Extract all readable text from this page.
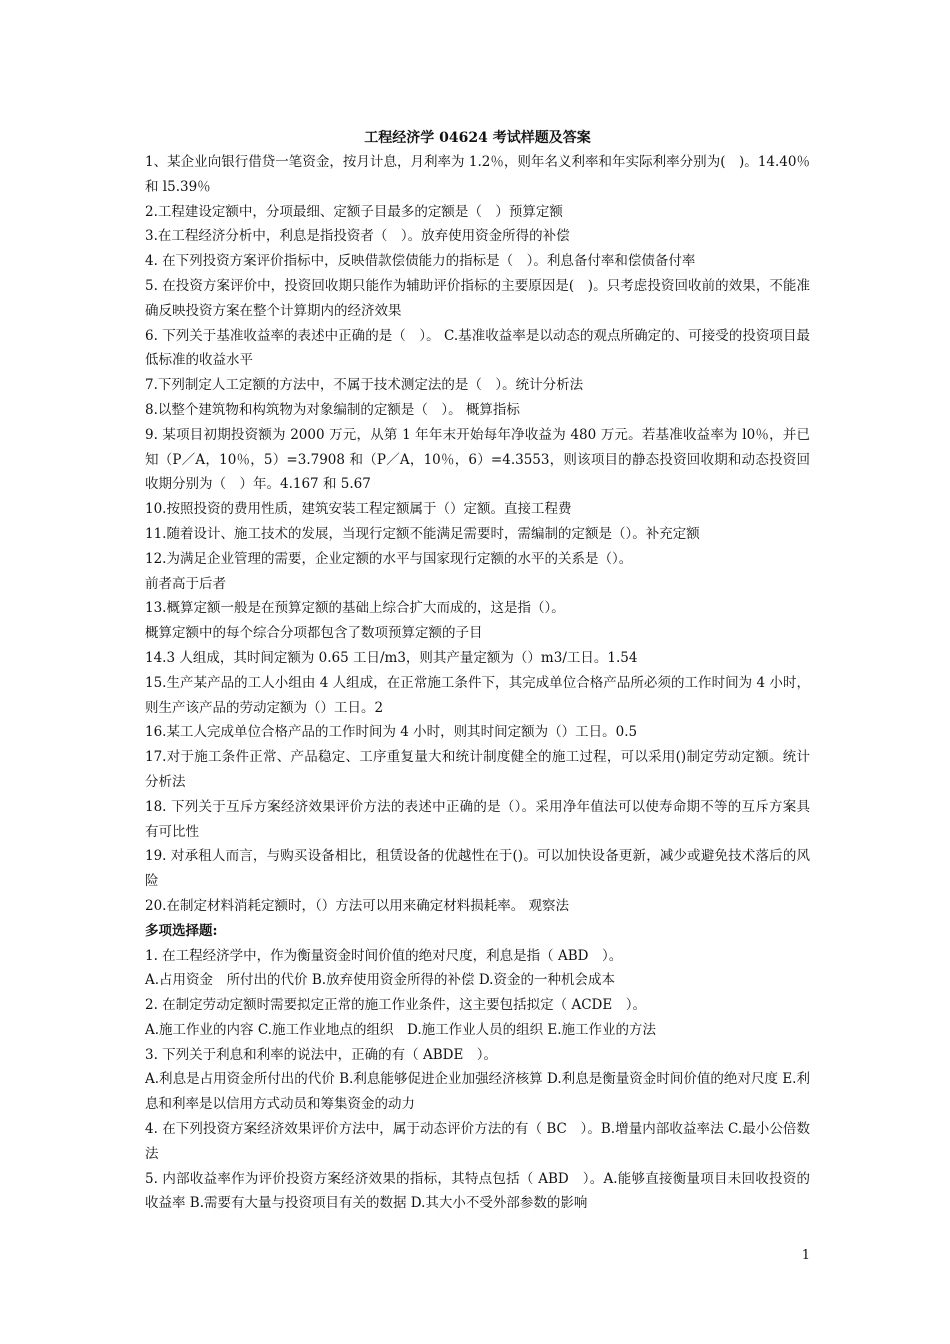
工程经济学 04624 考试样题及答案

1、某企业向银行借贷一笔资金，按月计息，月利率为 1.2％，则年名义利率和年实际利率分别为(　)。14.40％和 l5.39％

2.工程建设定额中，分项最细、定额子目最多的定额是（　）预算定额

3.在工程经济分析中，利息是指投资者（　）。放弃使用资金所得的补偿

4. 在下列投资方案评价指标中，反映借款偿债能力的指标是（　）。利息备付率和偿债备付率

5. 在投资方案评价中，投资回收期只能作为辅助评价指标的主要原因是(　)。只考虑投资回收前的效果，不能准确反映投资方案在整个计算期内的经济效果

6. 下列关于基准收益率的表述中正确的是（　）。 C.基准收益率是以动态的观点所确定的、可接受的投资项目最低标准的收益水平

7.下列制定人工定额的方法中，不属于技术测定法的是（　）。统计分析法

8.以整个建筑物和构筑物为对象编制的定额是（　）。 概算指标

9. 某项目初期投资额为 2000 万元，从第 1 年年末开始每年净收益为 480 万元。若基准收益率为 l0％，并已知（P／A，10％，5）=3.7908 和（P／A，10％，6）=4.3553，则该项目的静态投资回收期和动态投资回收期分别为（　）年。4.167 和 5.67

10.按照投资的费用性质，建筑安装工程定额属于（）定额。直接工程费

11.随着设计、施工技术的发展，当现行定额不能满足需要时，需编制的定额是（）。补充定额

12.为满足企业管理的需要，企业定额的水平与国家现行定额的水平的关系是（）。

前者高于后者

13.概算定额一般是在预算定额的基础上综合扩大而成的，这是指（）。

概算定额中的每个综合分项都包含了数项预算定额的子目

14.3 人组成，其时间定额为 0.65 工日/m3，则其产量定额为（）m3/工日。1.54

15.生产某产品的工人小组由 4 人组成，在正常施工条件下，其完成单位合格产品所必须的工作时间为 4 小时，则生产该产品的劳动定额为（）工日。2

16.某工人完成单位合格产品的工作时间为 4 小时，则其时间定额为（）工日。0.5

17.对于施工条件正常、产品稳定、工序重复量大和统计制度健全的施工过程，可以采用()制定劳动定额。统计分析法

18. 下列关于互斥方案经济效果评价方法的表述中正确的是（）。采用净年值法可以使寿命期不等的互斥方案具有可比性

19. 对承租人而言，与购买设备相比，租赁设备的优越性在于()。可以加快设备更新，减少或避免技术落后的风险

20.在制定材料消耗定额时，（）方法可以用来确定材料损耗率。 观察法

多项选择题:

1. 在工程经济学中，作为衡量资金时间价值的绝对尺度，利息是指（ ABD　）。

A.占用资金　所付出的代价 B.放弃使用资金所得的补偿 D.资金的一种机会成本

2. 在制定劳动定额时需要拟定正常的施工作业条件，这主要包括拟定（ ACDE　）。

A.施工作业的内容 C.施工作业地点的组织　D.施工作业人员的组织 E.施工作业的方法

3. 下列关于利息和利率的说法中，正确的有（ ABDE　）。

A.利息是占用资金所付出的代价 B.利息能够促进企业加强经济核算 D.利息是衡量资金时间价值的绝对尺度 E.利息和利率是以信用方式动员和筹集资金的动力

4. 在下列投资方案经济效果评价方法中，属于动态评价方法的有（ BC　）。B.增量内部收益率法 C.最小公倍数法

5. 内部收益率作为评价投资方案经济效果的指标，其特点包括（ ABD　）。A.能够直接衡量项目未回收投资的收益率 B.需要有大量与投资项目有关的数据 D.其大小不受外部参数的影响

1
